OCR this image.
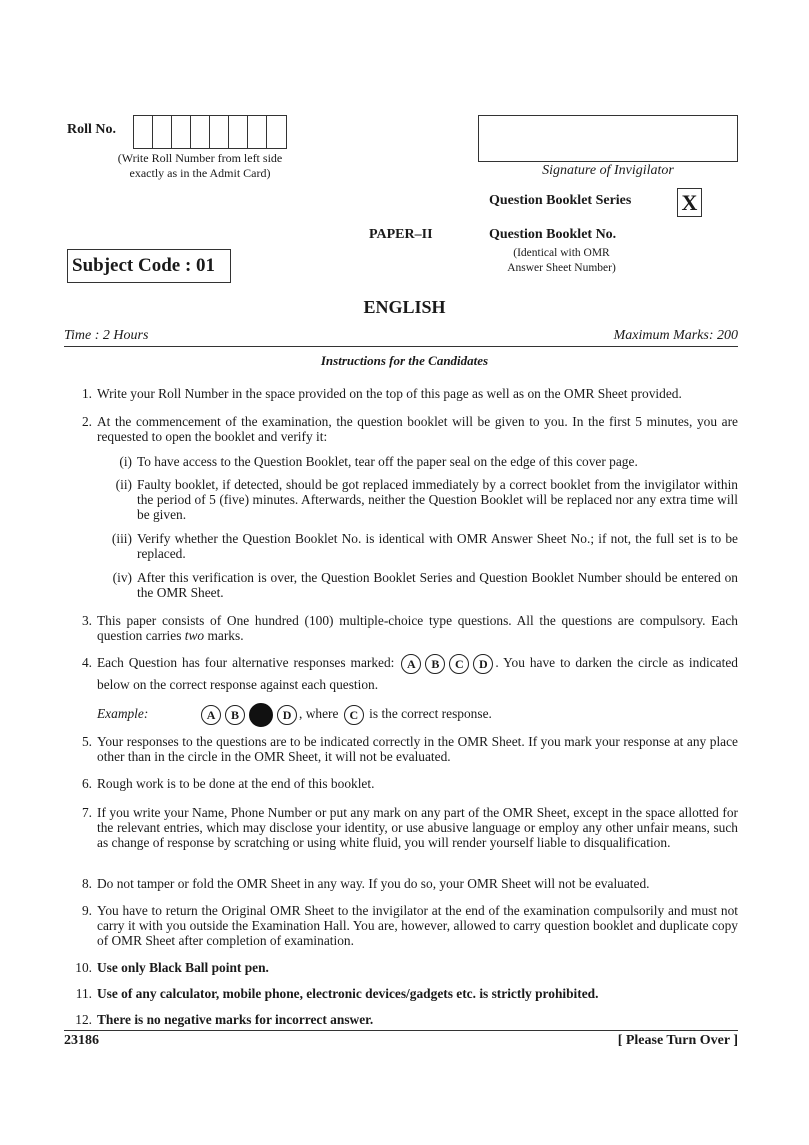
Roll No.
(Write Roll Number from left side
exactly as in the Admit Card)	Signature of Invigilator
Question Booklet Series X
PAPER–II	Question Booklet No.
(Identical with OMR
Answer Sheet Number)
Subject Code : 01
ENGLISH
Time : 2 Hours	Maximum Marks: 200
Instructions for the Candidates
1. Write your Roll Number in the space provided on the top of this page as well as on the OMR Sheet provided.
2. At the commencement of the examination, the question booklet will be given to you. In the first 5 minutes, you are requested to open the booklet and verify it:
(i) To have access to the Question Booklet, tear off the paper seal on the edge of this cover page.
(ii) Faulty booklet, if detected, should be got replaced immediately by a correct booklet from the invigilator within the period of 5 (five) minutes. Afterwards, neither the Question Booklet will be replaced nor any extra time will be given.
(iii) Verify whether the Question Booklet No. is identical with OMR Answer Sheet No.; if not, the full set is to be replaced.
(iv) After this verification is over, the Question Booklet Series and Question Booklet Number should be entered on the OMR Sheet.
3. This paper consists of One hundred (100) multiple-choice type questions. All the questions are compulsory. Each question carries two marks.
4. Each Question has four alternative responses marked: A B C D . You have to darken the circle as indicated below on the correct response against each question.
Example:	A B	D , where C is the correct response.
5. Your responses to the questions are to be indicated correctly in the OMR Sheet. If you mark your response at any place other than in the circle in the OMR Sheet, it will not be evaluated.
6. Rough work is to be done at the end of this booklet.
7. If you write your Name, Phone Number or put any mark on any part of the OMR Sheet, except in the space allotted for the relevant entries, which may disclose your identity, or use abusive language or employ any other unfair means, such as change of response by scratching or using white fluid, you will render yourself liable to disqualification.
8. Do not tamper or fold the OMR Sheet in any way. If you do so, your OMR Sheet will not be evaluated.
9. You have to return the Original OMR Sheet to the invigilator at the end of the examination compulsorily and must not carry it with you outside the Examination Hall. You are, however, allowed to carry question booklet and duplicate copy of OMR Sheet after completion of examination.
10. Use only Black Ball point pen.
11. Use of any calculator, mobile phone, electronic devices/gadgets etc. is strictly prohibited.
12. There is no negative marks for incorrect answer.
23186	[ Please Turn Over ]
